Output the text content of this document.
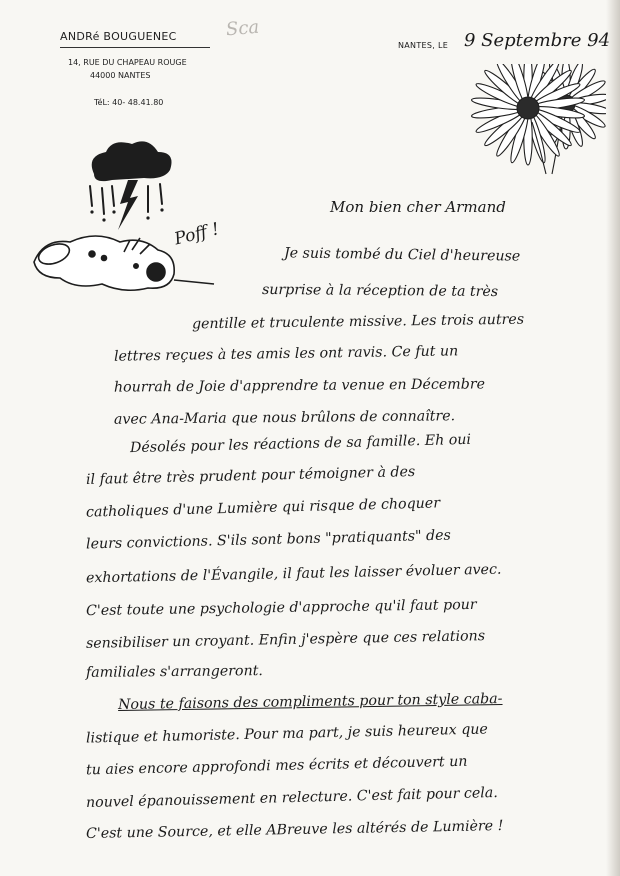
ANDRé BOUGUENEC
14, RUE DU CHAPEAU ROUGE
44000 NANTES
TéL: 40- 48.41.80
Sca
NANTES, LE 9 Septembre 94
Poff !
Mon bien cher Armand
Je suis tombé du Ciel d'heureuse
surprise à la réception de ta très
gentille et truculente missive. Les trois autres
lettres reçues à tes amis les ont ravis. Ce fut un
hourrah de Joie d'apprendre ta venue en Décembre
avec Ana-Maria que nous brûlons de connaître.
Désolés pour les réactions de sa famille. Eh oui
il faut être très prudent pour témoigner à des
catholiques d'une Lumière qui risque de choquer
leurs convictions. S'ils sont bons "pratiquants" des
exhortations de l'Évangile, il faut les laisser évoluer avec.
C'est toute une psychologie d'approche qu'il faut pour
sensibiliser un croyant. Enfin j'espère que ces relations
familiales s'arrangeront.
Nous te faisons des compliments pour ton style caba-
listique et humoriste. Pour ma part, je suis heureux que
tu aies encore approfondi mes écrits et découvert un
nouvel épanouissement en relecture. C'est fait pour cela.
C'est une Source, et elle ABreuve les altérés de Lumière !
